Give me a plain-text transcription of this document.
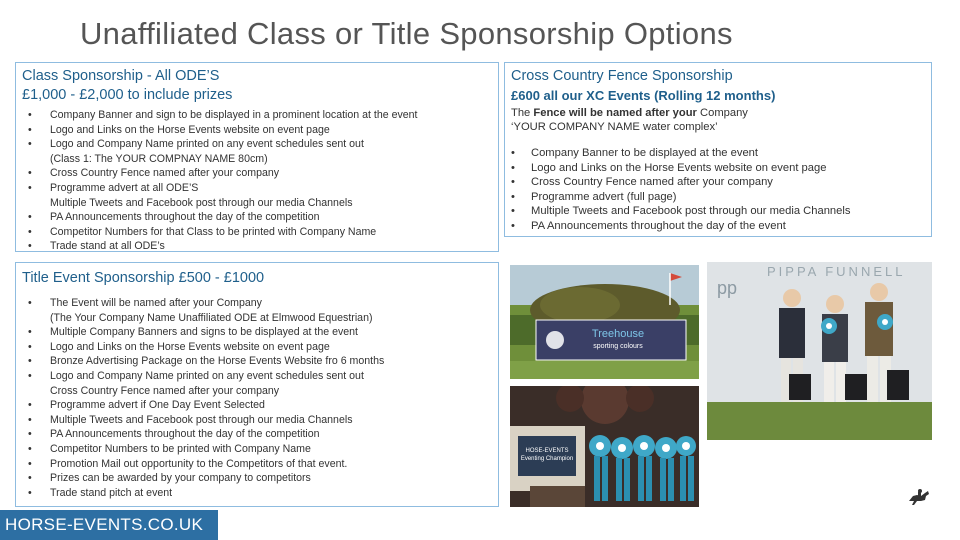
Unaffiliated Class or Title Sponsorship Options

Class Sponsorship - All ODE’S

£1,000 - £2,000 to include prizes

• Company Banner and sign to be displayed in a prominent location at the event
• Logo and Links on the Horse Events website on event page
• Logo and Company Name printed on any event schedules sent out
(Class 1: The YOUR COMPNAY NAME 80cm)
• Cross Country Fence named after your company
• Programme advert at all ODE’S
Multiple Tweets and Facebook post through our media Channels
• PA Announcements throughout the day of the competition
• Competitor Numbers for that Class to be printed with Company Name
• Trade stand at all ODE’s

Cross Country Fence Sponsorship

£600 all our XC Events (Rolling 12 months)

The Fence will be named after your Company
‘YOUR COMPANY NAME water complex’
• Company Banner to be displayed at the event
• Logo and Links on the Horse Events website on event page
• Cross Country Fence named after your company
• Programme advert (full page)
• Multiple Tweets and Facebook post through our media Channels
• PA Announcements throughout the day of the event

Title Event Sponsorship £500 - £1000

• The Event will be named after your Company
(The Your Company Name Unaffiliated ODE at Elmwood Equestrian)
• Multiple Company Banners and signs to be displayed at the event
• Logo and Links on the Horse Events website on event page
• Bronze Advertising Package on the Horse Events Website fro 6 months
• Logo and Company Name printed on any event schedules sent out
Cross Country Fence named after your company
• Programme advert if One Day Event Selected
• Multiple Tweets and Facebook post through our media Channels
• PA Announcements throughout the day of the competition
• Competitor Numbers to be printed with Company Name
• Promotion Mail out opportunity to the Competitors of that event.
• Prizes can be awarded by your company to competitors
• Trade stand pitch at event
Treehouse
sporting colours
HOSE-EVENTS
Eventing Champion
pp
PIPPA FUNNELL
HORSE-EVENTS.CO.UK
